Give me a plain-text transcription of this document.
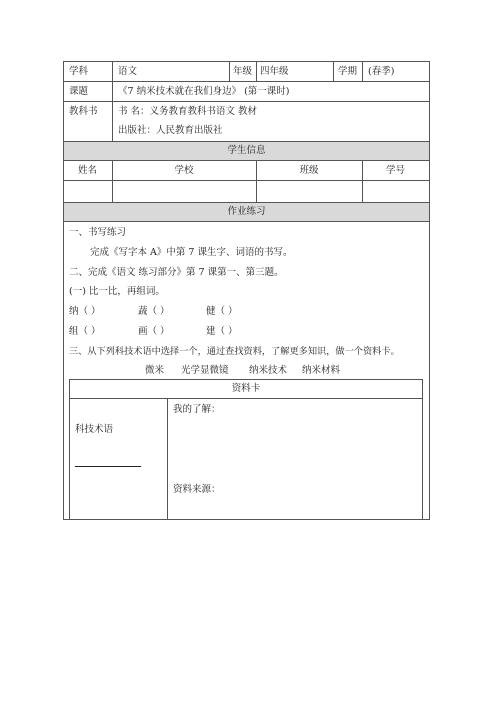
学科	语文	年级 四年级	学期 (春季)
课题	《7 纳米技术就在我们身边》 (第一课时)
教科书 书 名：义务教育教科书语文 教材
出版社：人民教育出版社
学生信息
姓名	学校	班级	学号
作业练习
一、书写练习
完成《写字本 A》中第 7 课生字、词语的书写。
二、完成《语文 练习部分》第 7 课第一、第三题。
(一) 比一比，再组词。
纳（ ）	蔬（ ）	健（ ）
组（ ）	画（ ）	建（ ）
三、从下列科技术语中选择一个，通过查找资料，了解更多知识，做一个资料卡。
微米 光学显微镜 纳米技术 纳米材料
资料卡
科技术语
我的了解：
资料来源：
